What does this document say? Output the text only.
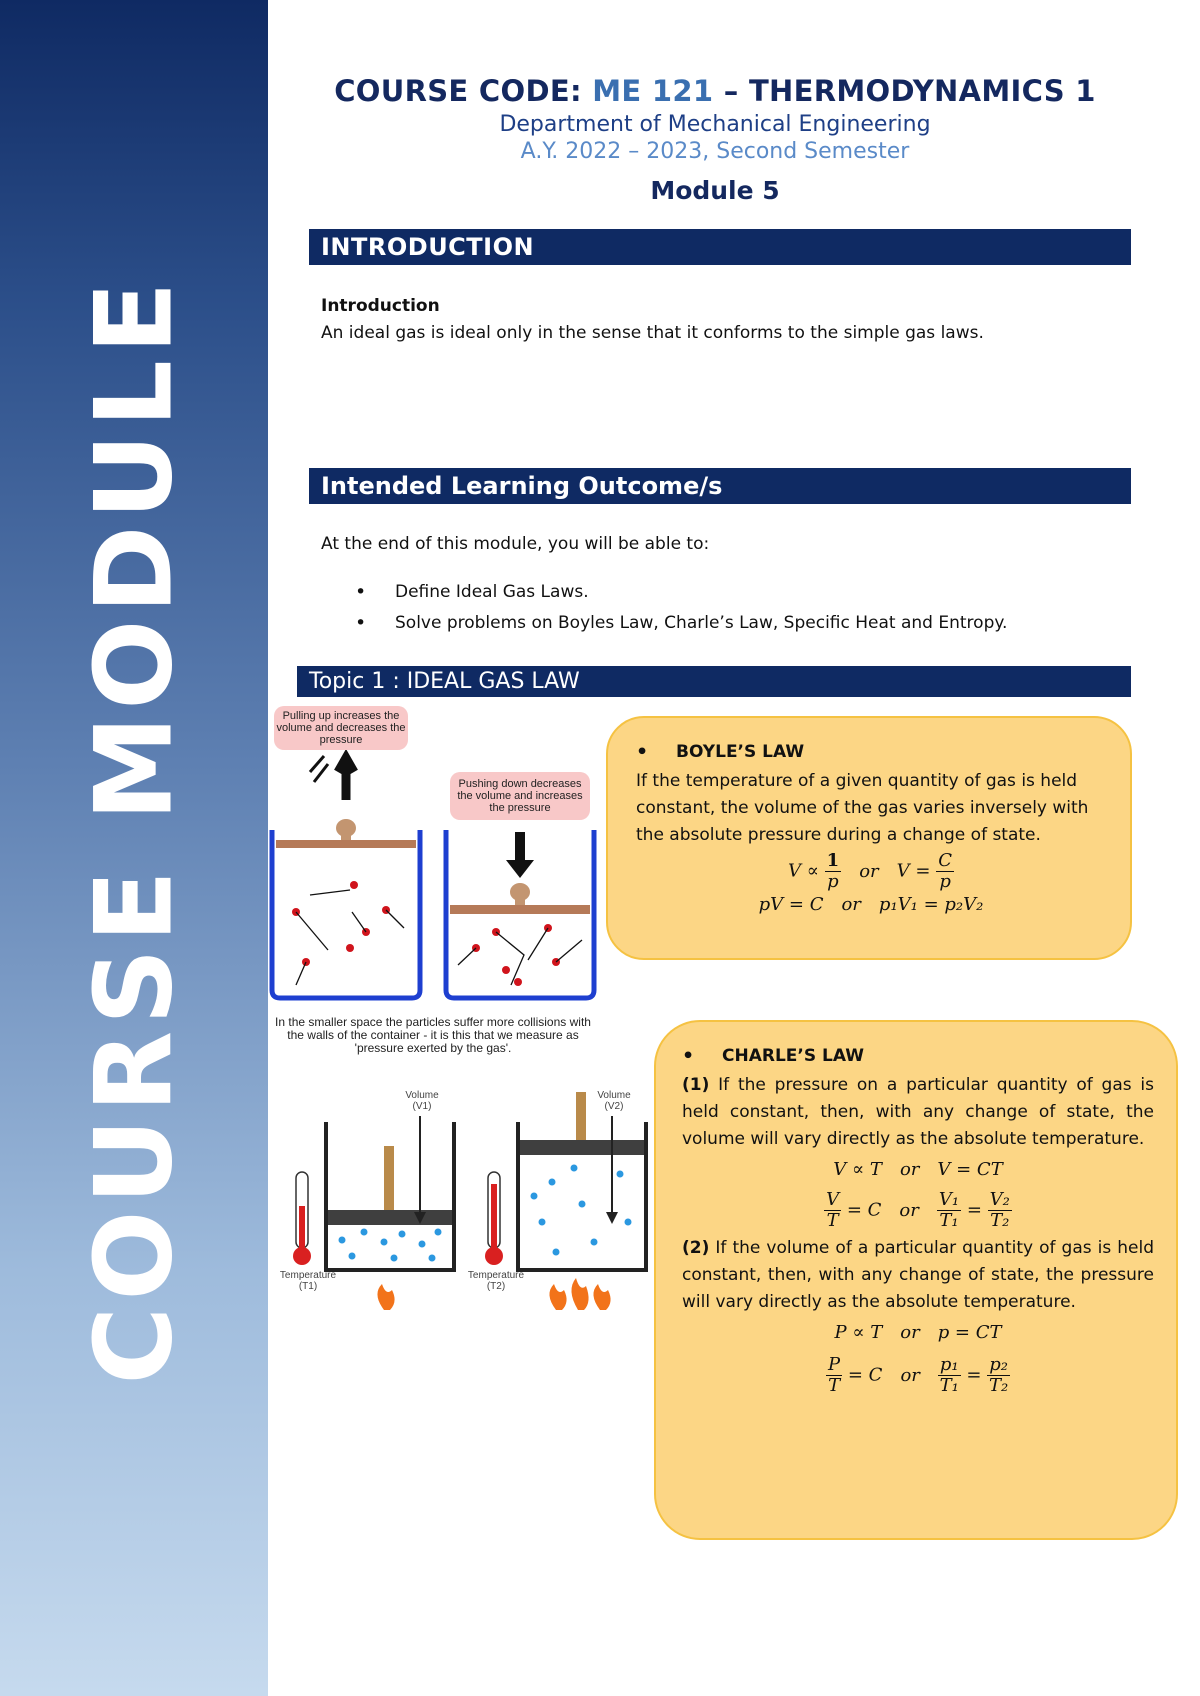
COURSE MODULE
COURSE CODE: ME 121 – THERMODYNAMICS 1
Department of Mechanical Engineering
A.Y. 2022 – 2023, Second Semester
Module 5
INTRODUCTION
Introduction
An ideal gas is ideal only in the sense that it conforms to the simple gas laws.
Intended Learning Outcome/s
At the end of this module, you will be able to:
• Define Ideal Gas Laws.
• Solve problems on Boyles Law, Charle’s Law, Specific Heat and Entropy.
Topic 1 : IDEAL GAS LAW
Pulling up increases the volume and decreases the pressure
Pushing down decreases the volume and increases the pressure
In the smaller space the particles suffer more collisions with the walls of the container - it is this that we measure as 'pressure exerted by the gas'.
Volume (V1)
Volume (V2)
Temperature (T1)
Temperature (T2)
• BOYLE’S LAW
If the temperature of a given quantity of gas is held constant, the volume of the gas varies inversely with the absolute pressure during a change of state.
$V \propto \frac{1}{p}$ or $V = \frac{C}{p}$
pV = C or p₁V₁ = p₂V₂
• CHARLE’S LAW
(1) If the pressure on a particular quantity of gas is held constant, then, with any change of state, the volume will vary directly as the absolute temperature.
V ∝ T or V = CT
$\frac{V}{T} = C$ or $\frac{\text{V₁}}{\text{T₁}} = \frac{\text{V₂}}{\text{T₂}}$
(2) If the volume of a particular quantity of gas is held constant, then, with any change of state, the pressure will vary directly as the absolute temperature.
P ∝ T or p = CT
$\frac{P}{T} = C$ or $\frac{\text{p₁}}{\text{T₁}} = \frac{\text{p₂}}{\text{T₂}}$
